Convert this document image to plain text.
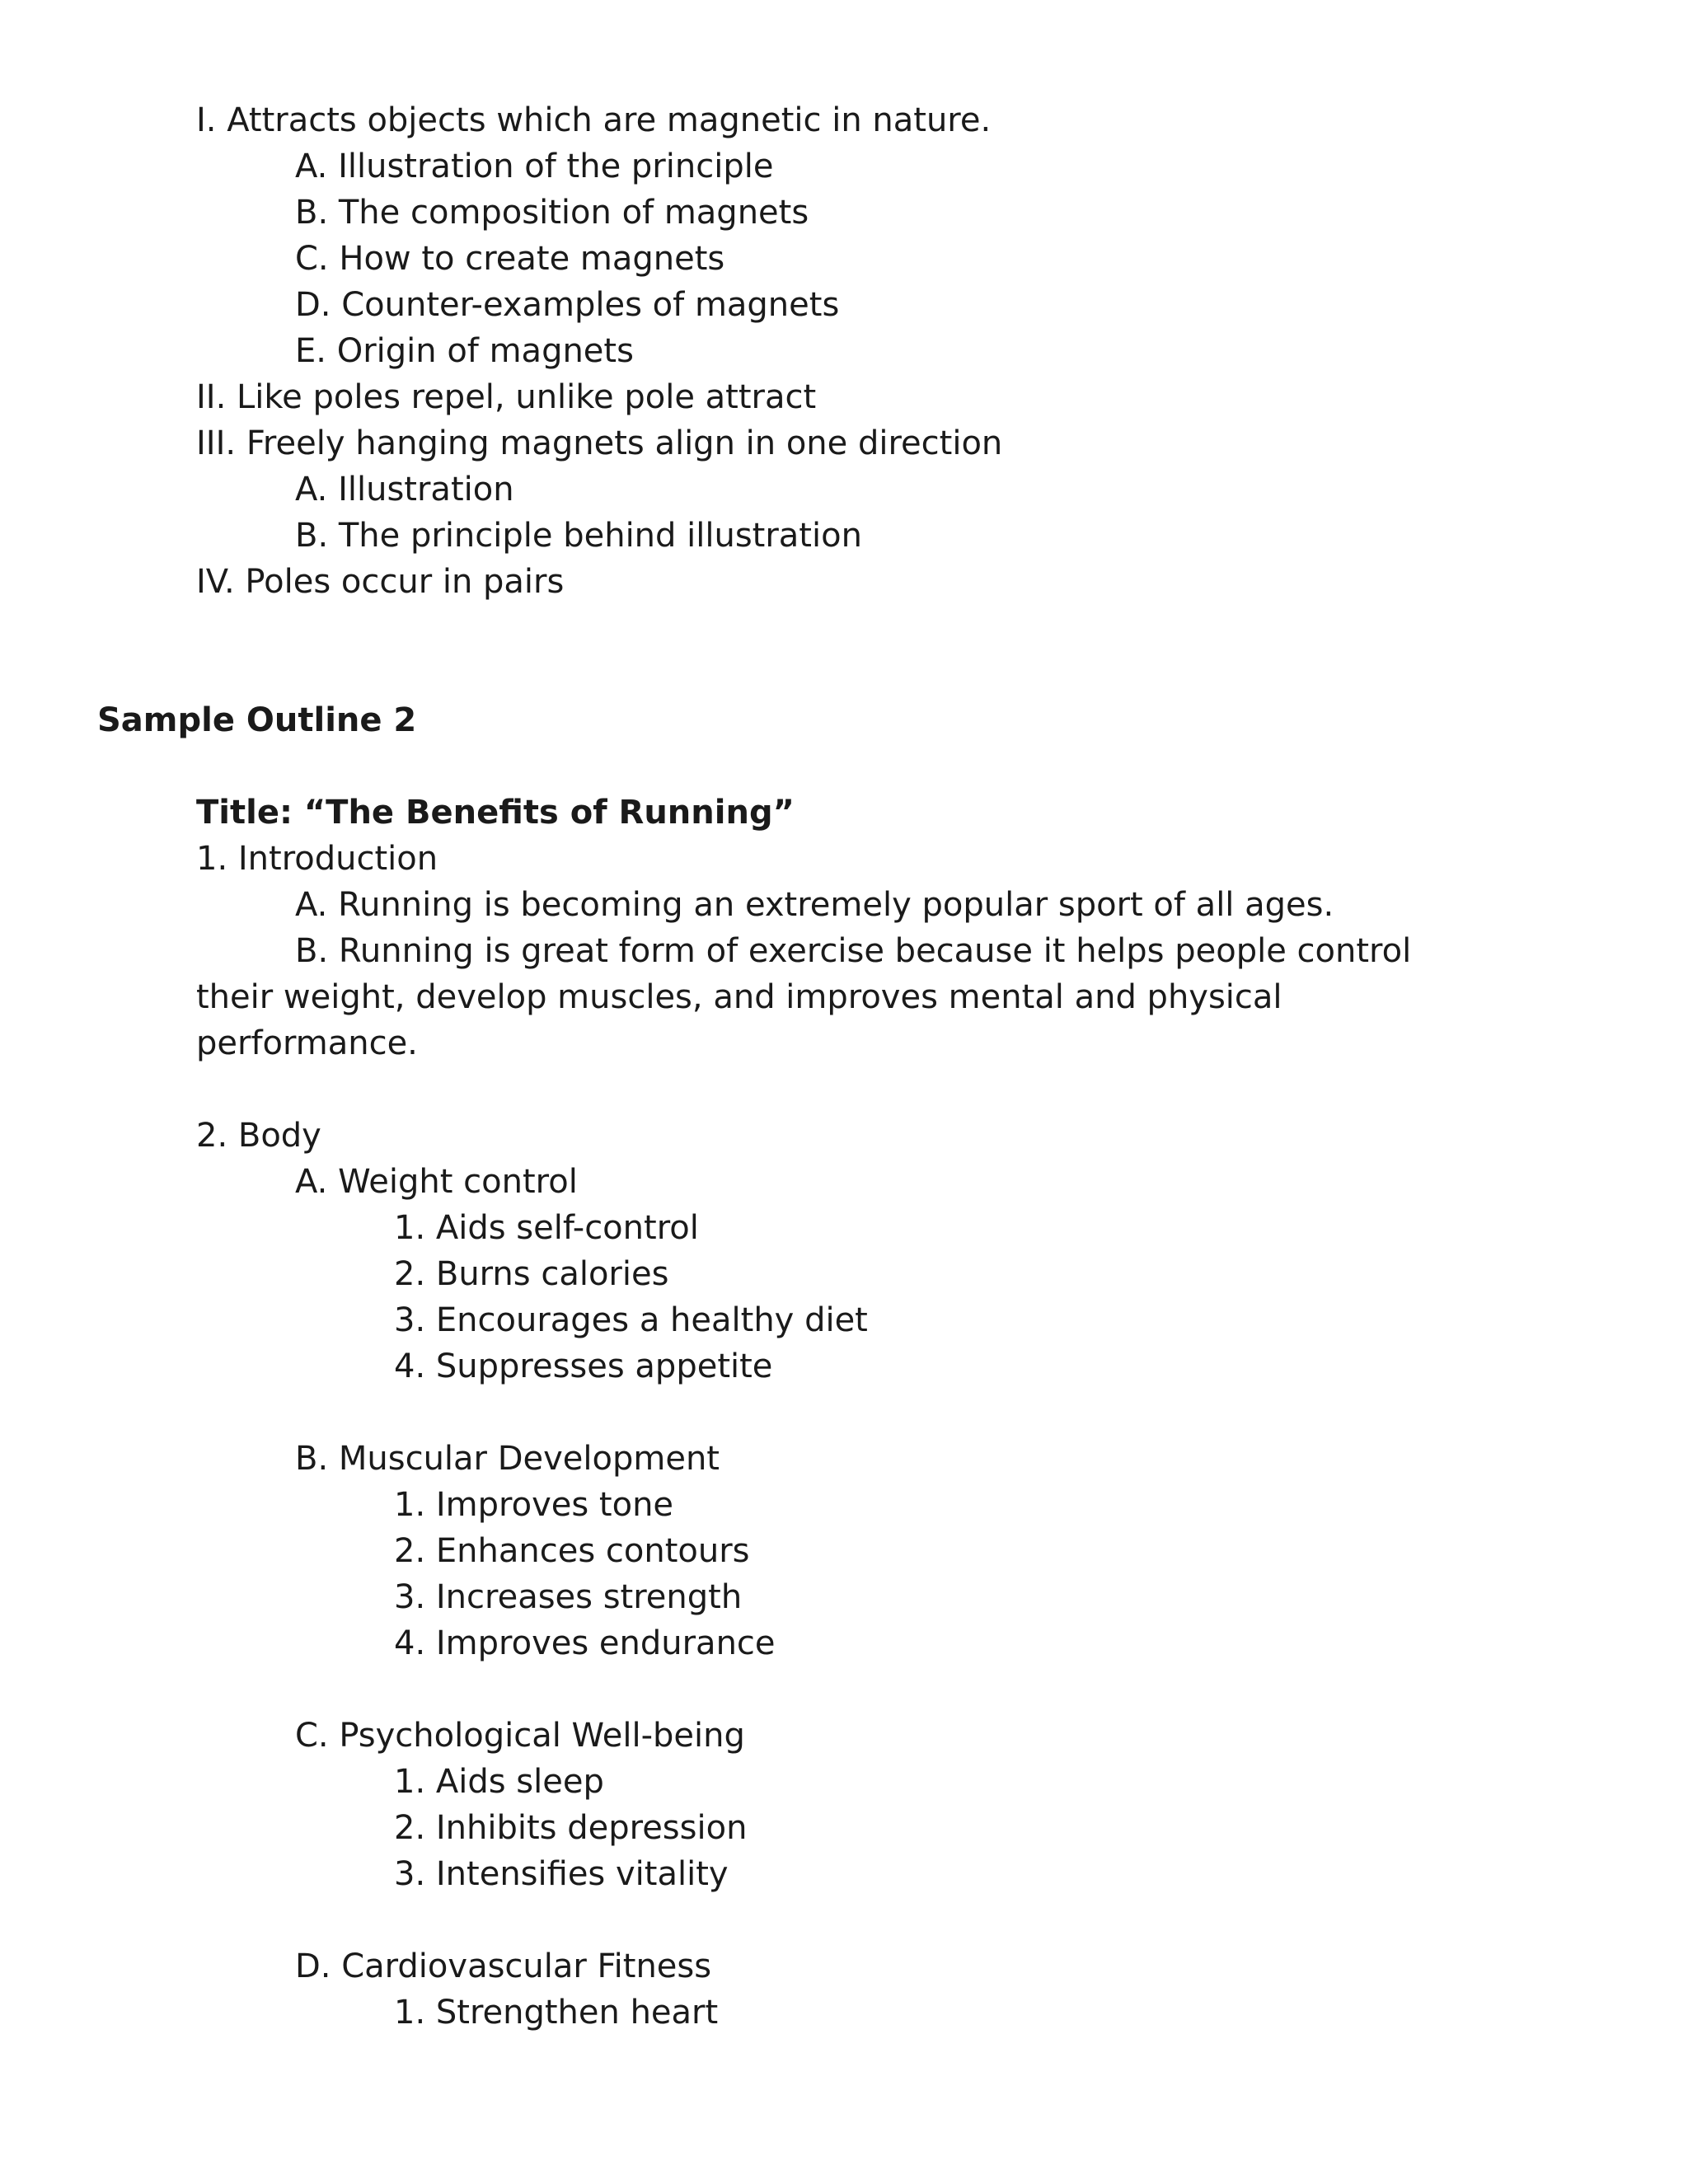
I. Attracts objects which are magnetic in nature.
A. Illustration of the principle
B. The composition of magnets
C. How to create magnets
D. Counter-examples of magnets
E. Origin of magnets
II. Like poles repel, unlike pole attract
III. Freely hanging magnets align in one direction
A. Illustration
B. The principle behind illustration
IV. Poles occur in pairs
Sample Outline 2
Title: “The Benefits of Running”
1. Introduction
A. Running is becoming an extremely popular sport of all ages.
B. Running is great form of exercise because it helps people control
their weight, develop muscles, and improves mental and physical
performance.
2. Body
A. Weight control
1. Aids self-control
2. Burns calories
3. Encourages a healthy diet
4. Suppresses appetite
B. Muscular Development
1. Improves tone
2. Enhances contours
3. Increases strength
4. Improves endurance
C. Psychological Well-being
1. Aids sleep
2. Inhibits depression
3. Intensifies vitality
D. Cardiovascular Fitness
1. Strengthen heart
